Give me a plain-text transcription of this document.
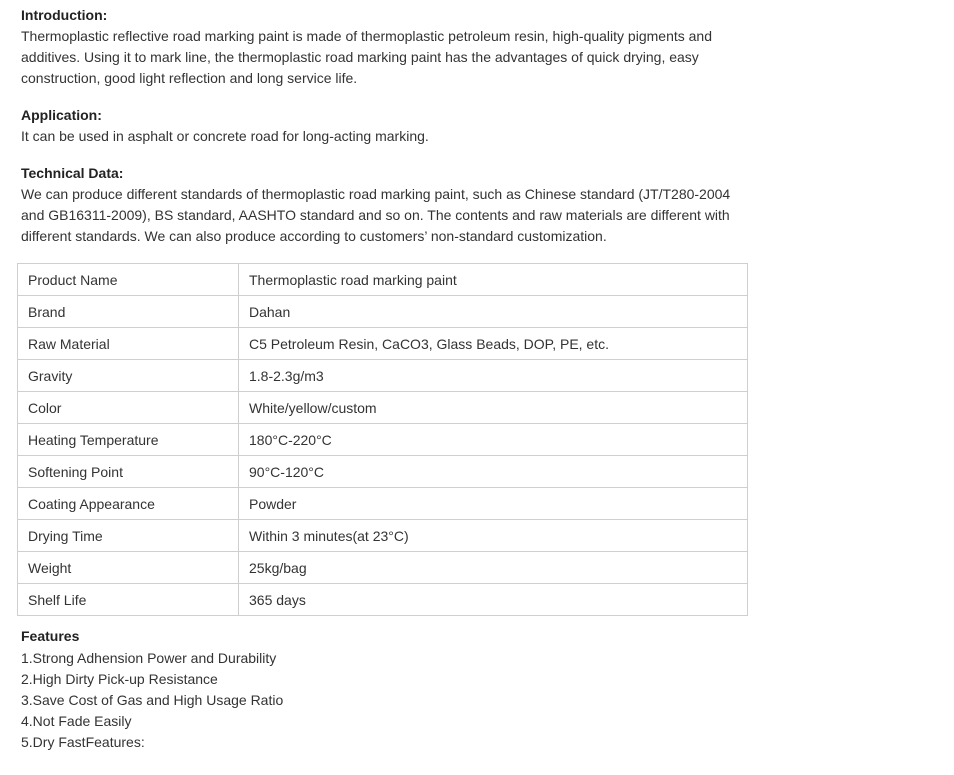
Introduction:
Thermoplastic reflective road marking paint is made of thermoplastic petroleum resin, high-quality pigments and additives. Using it to mark line, the thermoplastic road marking paint has the advantages of quick drying, easy construction, good light reflection and long service life.
Application:
It can be used in asphalt or concrete road for long-acting marking.
Technical Data:
We can produce different standards of thermoplastic road marking paint, such as Chinese standard (JT/T280-2004 and GB16311-2009), BS standard, AASHTO standard and so on. The contents and raw materials are different with different standards. We can also produce according to customers’ non-standard customization.
Product Name	Thermoplastic road marking paint
Brand	Dahan
Raw Material	C5 Petroleum Resin, CaCO3, Glass Beads, DOP, PE, etc.
Gravity	1.8-2.3g/m3
Color	White/yellow/custom
Heating Temperature	180°C-220°C
Softening Point	90°C-120°C
Coating Appearance	Powder
Drying Time	Within 3 minutes(at 23°C)
Weight	25kg/bag
Shelf Life	365 days
Features
1.Strong Adhension Power and Durability
2.High Dirty Pick-up Resistance
3.Save Cost of Gas and High Usage Ratio
4.Not Fade Easily
5.Dry FastFeatures:
